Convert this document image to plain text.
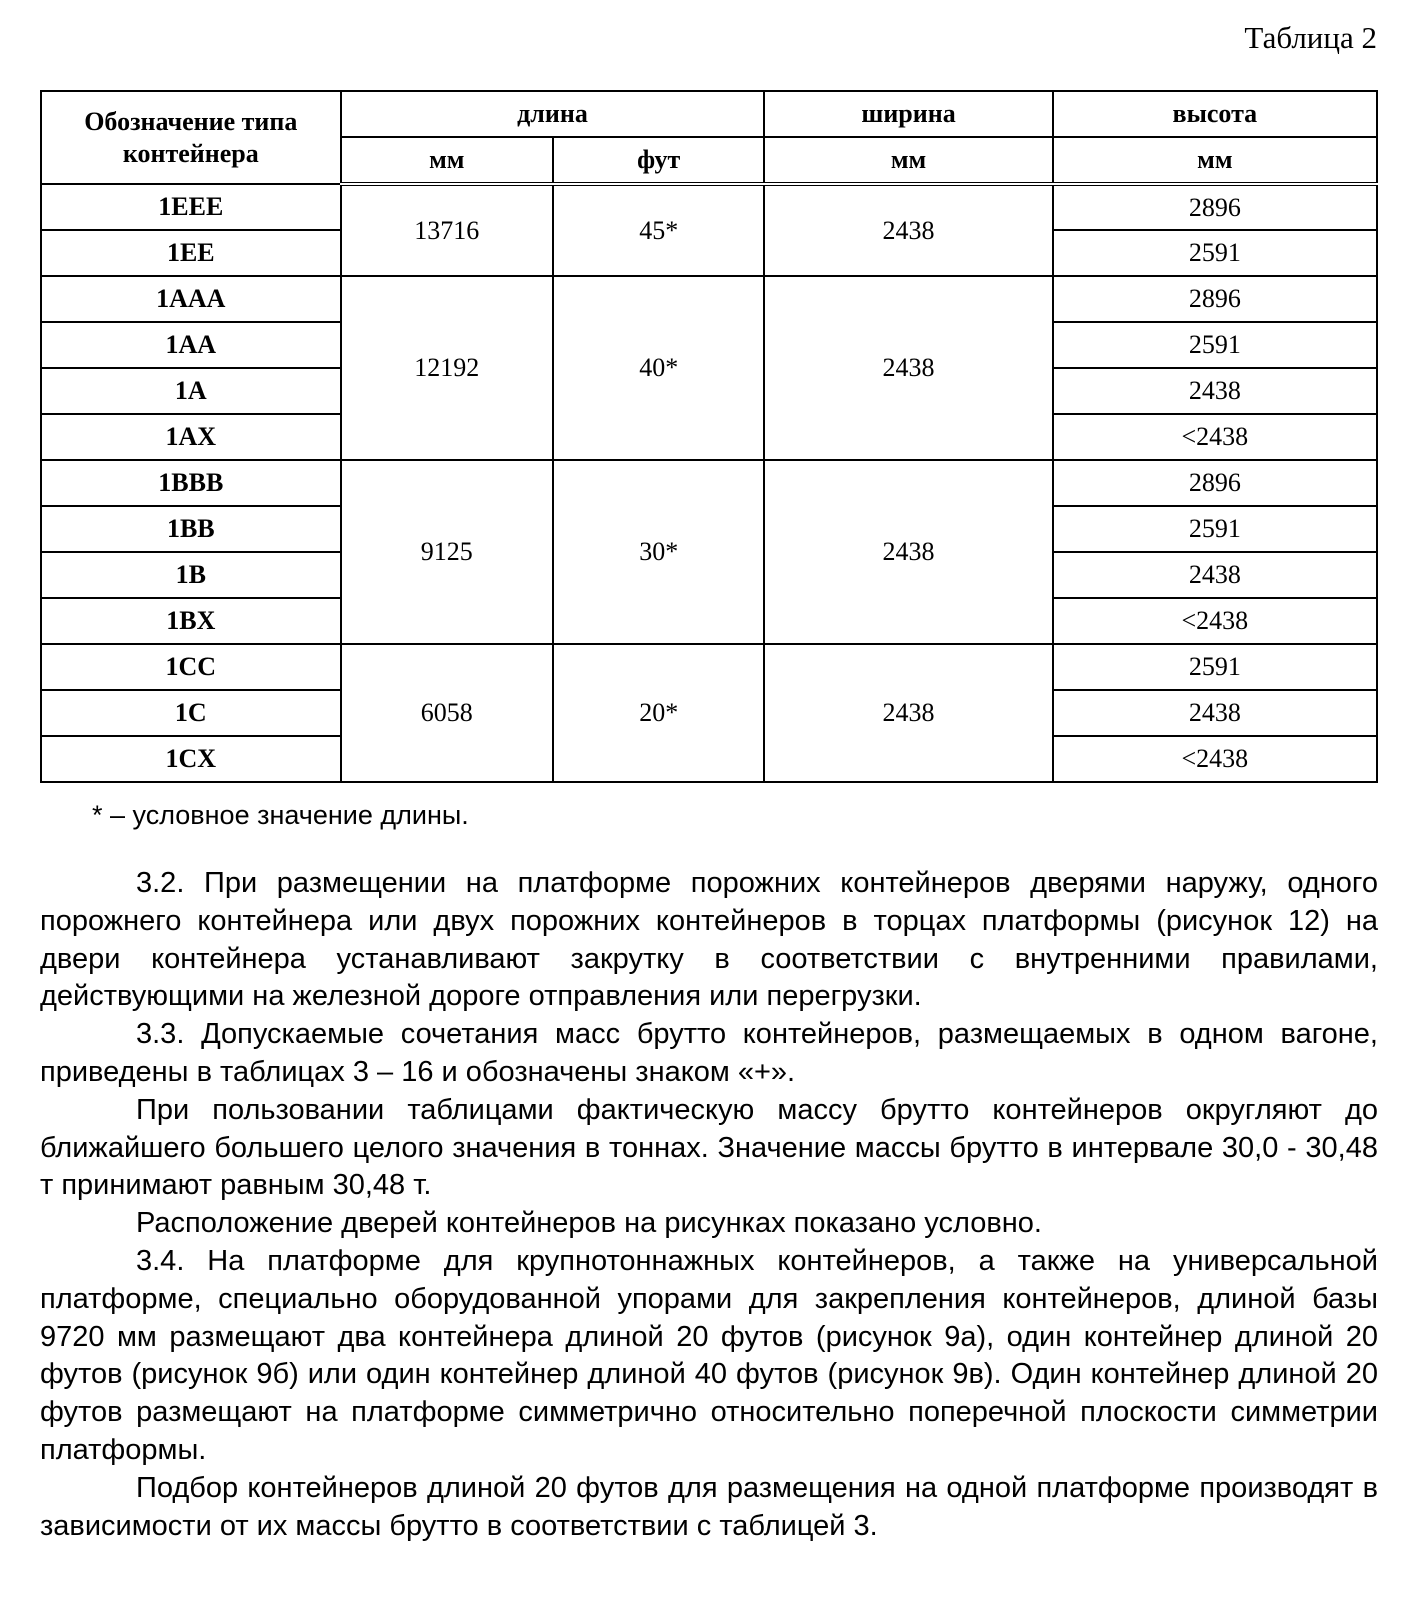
Таблица 2
Обозначение типа контейнера	длина		ширина	высота
	мм	фут	мм	мм
1EEE	13716	45*	2438	2896
1EE				2591
1AAA	12192	40*	2438	2896
1AA				2591
1A				2438
1AX				<2438
1BBB	9125	30*	2438	2896
1BB				2591
1B				2438
1BX				<2438
1CC	6058	20*	2438	2591
1C				2438
1CX				<2438
* – условное значение длины.

3.2. При размещении на платформе порожних контейнеров дверями наружу, одного порожнего контейнера или двух порожних контейнеров в торцах платформы (рисунок 12) на двери контейнера устанавливают закрутку в соответствии с внутренними правилами, действующими на железной дороге отправления или перегрузки.

3.3. Допускаемые сочетания масс брутто контейнеров, размещаемых в одном вагоне, приведены в таблицах 3 – 16 и обозначены знаком «+».

При пользовании таблицами фактическую массу брутто контейнеров округляют до ближайшего большего целого значения в тоннах. Значение массы брутто в интервале 30,0 - 30,48 т принимают равным 30,48 т.

Расположение дверей контейнеров на рисунках показано условно.

3.4. На платформе для крупнотоннажных контейнеров, а также на универсальной платформе, специально оборудованной упорами для закрепления контейнеров, длиной базы 9720 мм размещают два контейнера длиной 20 футов (рисунок 9а), один контейнер длиной 20 футов (рисунок 9б) или один контейнер длиной 40 футов (рисунок 9в). Один контейнер длиной 20 футов размещают на платформе симметрично относительно поперечной плоскости симметрии платформы.

Подбор контейнеров длиной 20 футов для размещения на одной платформе производят в зависимости от их массы брутто в соответствии с таблицей 3.
